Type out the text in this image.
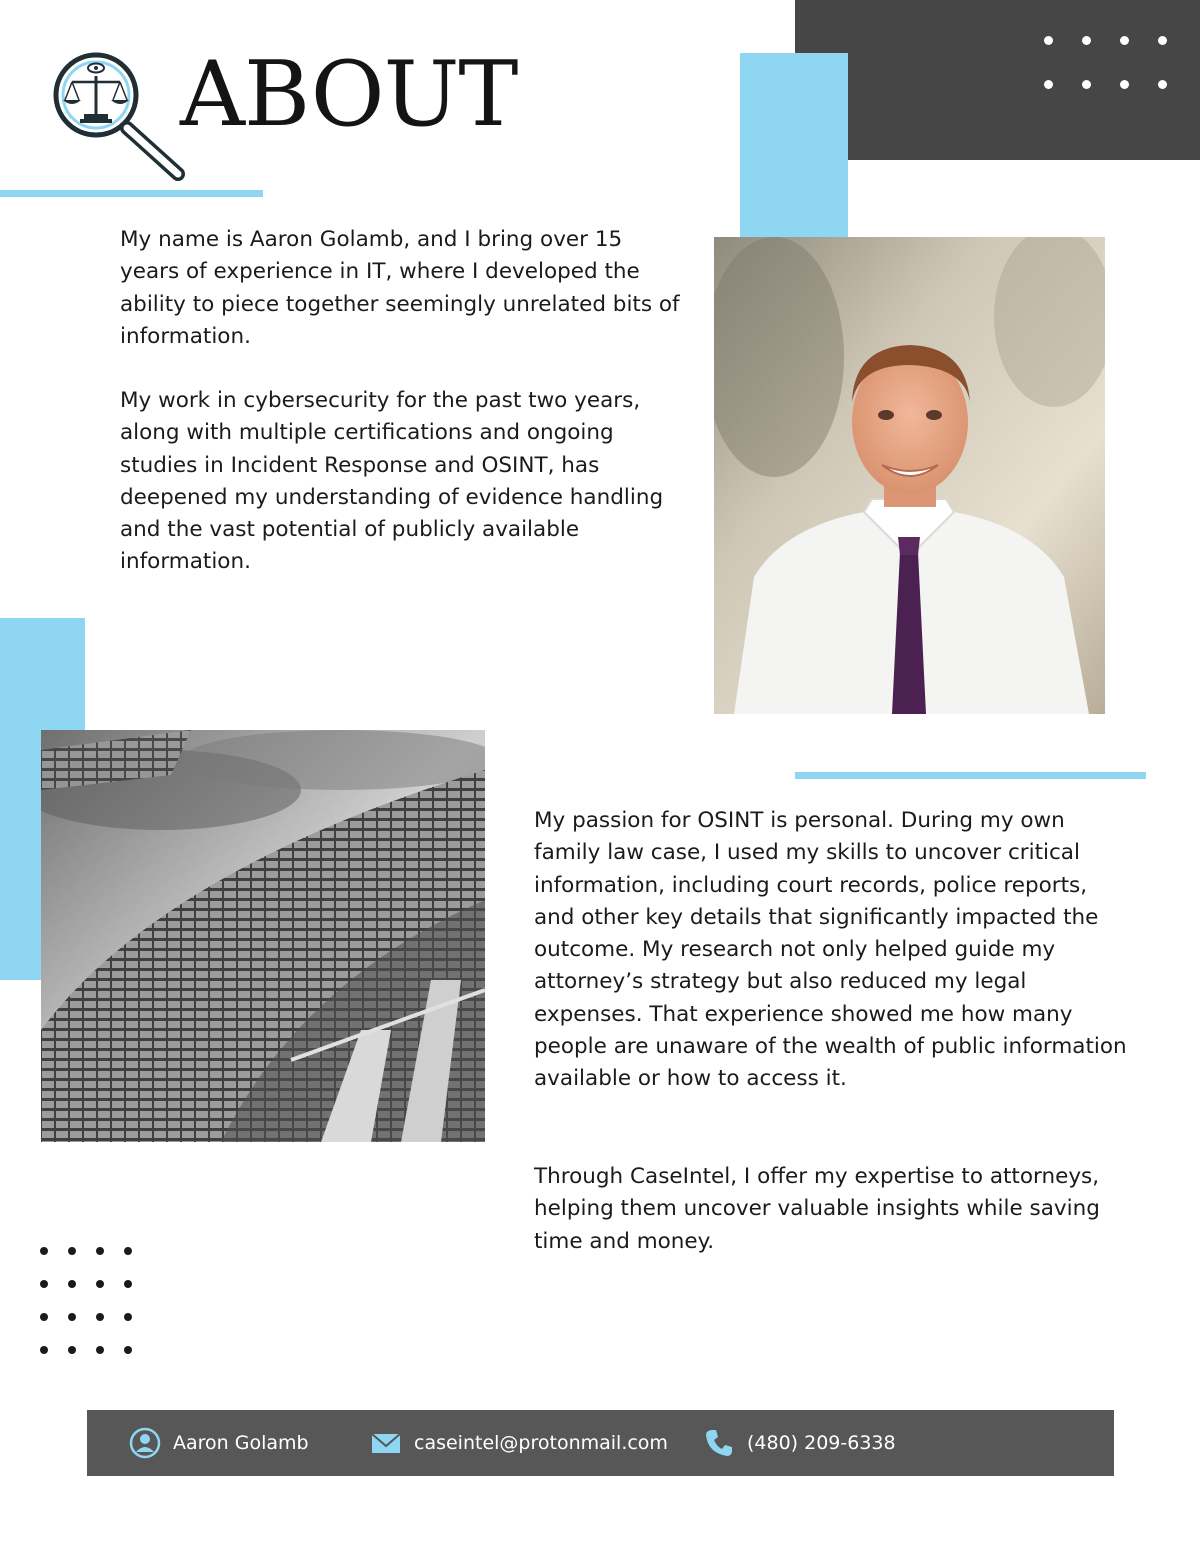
ABOUT

My name is Aaron Golamb, and I bring over 15 years of experience in IT, where I developed the ability to piece together seemingly unrelated bits of information.

My work in cybersecurity for the past two years, along with multiple certifications and ongoing studies in Incident Response and OSINT, has deepened my understanding of evidence handling and the vast potential of publicly available information.

My passion for OSINT is personal. During my own family law case, I used my skills to uncover critical information, including court records, police reports, and other key details that significantly impacted the outcome. My research not only helped guide my attorney’s strategy but also reduced my legal expenses. That experience showed me how many people are unaware of the wealth of public information available or how to access it.

Through CaseIntel, I offer my expertise to attorneys, helping them uncover valuable insights while saving time and money.

Aaron Golamb	caseintel@protonmail.com	(480) 209-6338
